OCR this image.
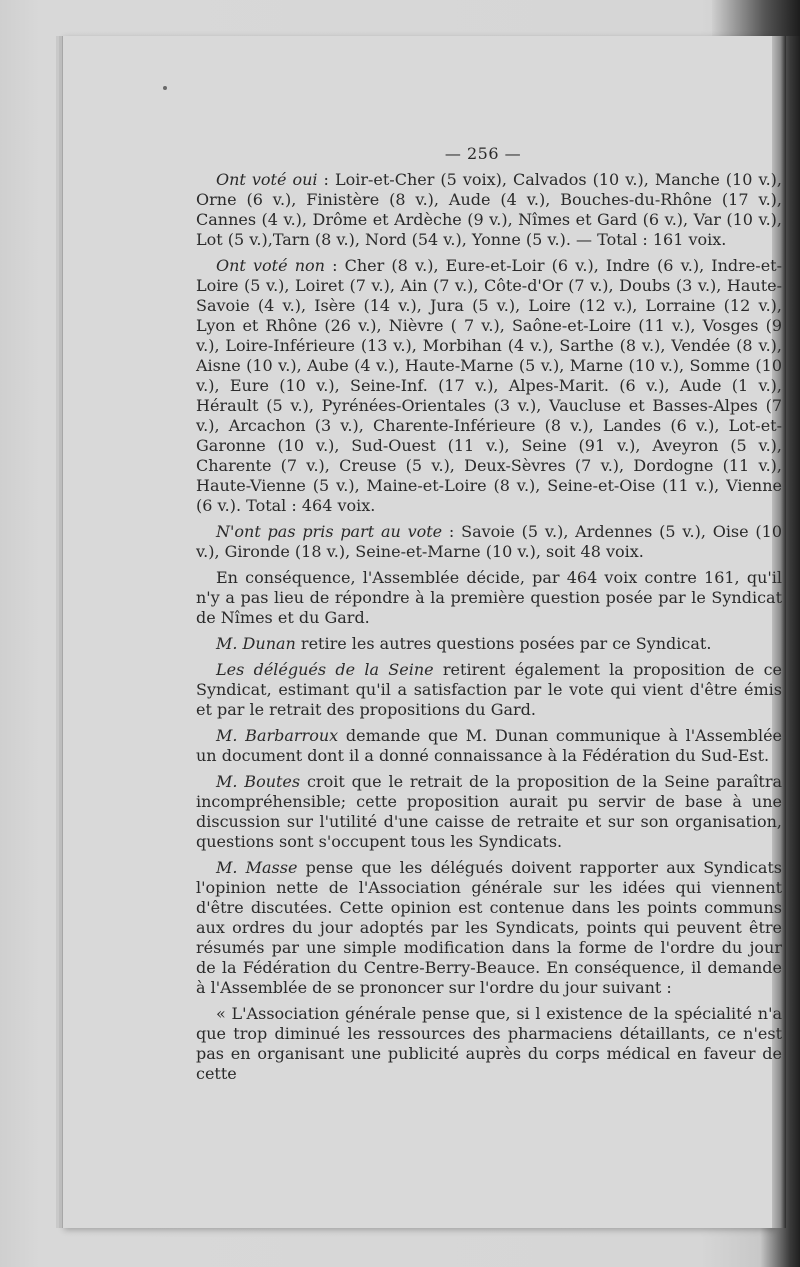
— 256 —

Ont voté oui : Loir-et-Cher (5 voix), Calvados (10 v.), Manche (10 v.), Orne (6 v.), Finistère (8 v.), Aude (4 v.), Bouches-du-Rhône (17 v.), Cannes (4 v.), Drôme et Ardèche (9 v.), Nîmes et Gard (6 v.), Var (10 v.), Lot (5 v.),Tarn (8 v.), Nord (54 v.), Yonne (5 v.). — Total : 161 voix.

Ont voté non : Cher (8 v.), Eure-et-Loir (6 v.), Indre (6 v.), Indre-et-Loire (5 v.), Loiret (7 v.), Ain (7 v.), Côte-d'Or (7 v.), Doubs (3 v.), Haute-Savoie (4 v.), Isère (14 v.), Jura (5 v.), Loire (12 v.), Lorraine (12 v.), Lyon et Rhône (26 v.), Nièvre ( 7 v.), Saône-et-Loire (11 v.), Vosges (9 v.), Loire-Inférieure (13 v.), Morbihan (4 v.), Sarthe (8 v.), Vendée (8 v.), Aisne (10 v.), Aube (4 v.), Haute-Marne (5 v.), Marne (10 v.), Somme (10 v.), Eure (10 v.), Seine-Inf. (17 v.), Alpes-Marit. (6 v.), Aude (1 v.), Hérault (5 v.), Pyrénées-Orientales (3 v.), Vaucluse et Basses-Alpes (7 v.), Arcachon (3 v.), Charente-Inférieure (8 v.), Landes (6 v.), Lot-et-Garonne (10 v.), Sud-Ouest (11 v.), Seine (91 v.), Aveyron (5 v.), Charente (7 v.), Creuse (5 v.), Deux-Sèvres (7 v.), Dordogne (11 v.), Haute-Vienne (5 v.), Maine-et-Loire (8 v.), Seine-et-Oise (11 v.), Vienne (6 v.). Total : 464 voix.

N'ont pas pris part au vote : Savoie (5 v.), Ardennes (5 v.), Oise (10 v.), Gironde (18 v.), Seine-et-Marne (10 v.), soit 48 voix.

En conséquence, l'Assemblée décide, par 464 voix contre 161, qu'il n'y a pas lieu de répondre à la première question posée par le Syndicat de Nîmes et du Gard.

M. Dunan retire les autres questions posées par ce Syndicat.

Les délégués de la Seine retirent également la proposition de ce Syndicat, estimant qu'il a satisfaction par le vote qui vient d'être émis et par le retrait des propositions du Gard.

M. Barbarroux demande que M. Dunan communique à l'Assemblée un document dont il a donné connaissance à la Fédération du Sud-Est.

M. Boutes croit que le retrait de la proposition de la Seine paraîtra incompréhensible; cette proposition aurait pu servir de base à une discussion sur l'utilité d'une caisse de retraite et sur son organisation, questions sont s'occupent tous les Syndicats.

M. Masse pense que les délégués doivent rapporter aux Syndicats l'opinion nette de l'Association générale sur les idées qui viennent d'être discutées. Cette opinion est contenue dans les points communs aux ordres du jour adoptés par les Syndicats, points qui peuvent être résumés par une simple modification dans la forme de l'ordre du jour de la Fédération du Centre-Berry-Beauce. En conséquence, il demande à l'Assemblée de se prononcer sur l'ordre du jour suivant :

« L'Association générale pense que, si l existence de la spécialité n'a que trop diminué les ressources des pharmaciens détaillants, ce n'est pas en organisant une publicité auprès du corps médical en faveur de cette
